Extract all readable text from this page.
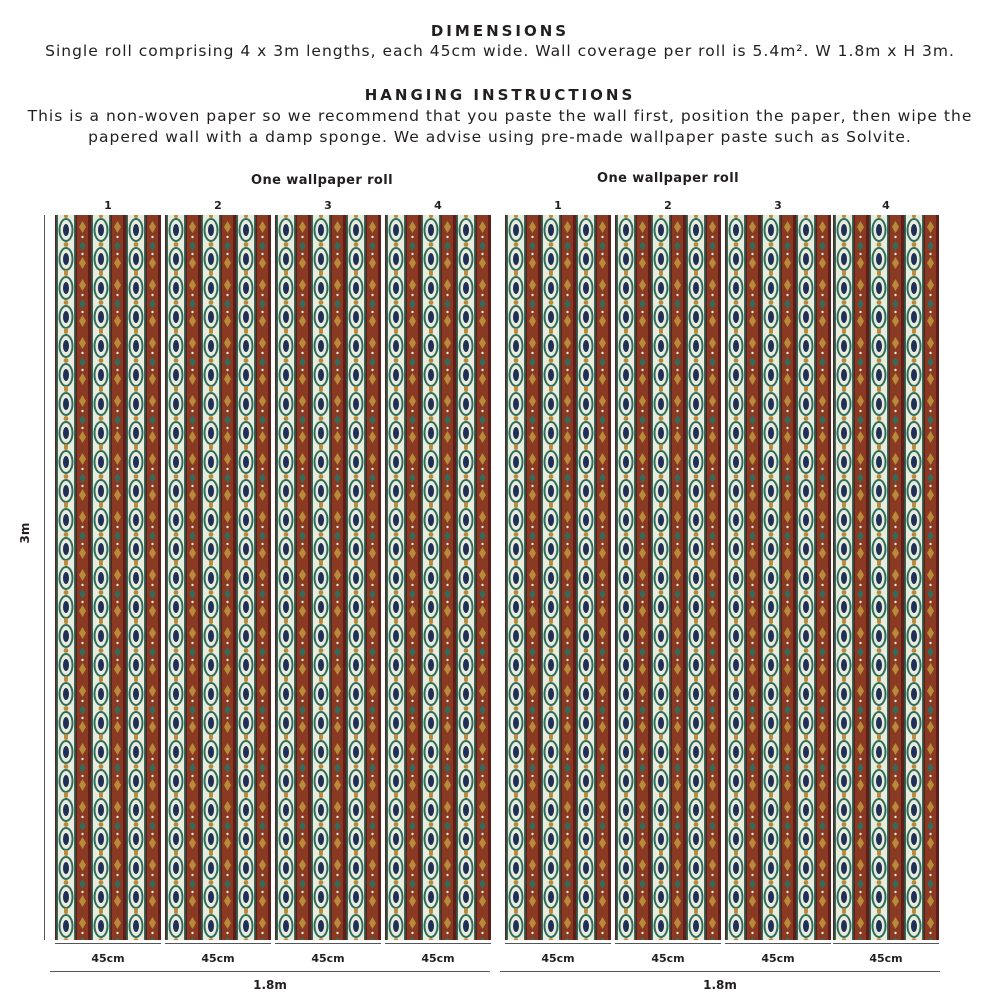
DIMENSIONS
Single roll comprising 4 x 3m lengths, each 45cm wide. Wall coverage per roll is 5.4m². W 1.8m x H 3m.
HANGING INSTRUCTIONS
This is a non-woven paper so we recommend that you paste the wall first, position the paper, then wipe the
papered wall with a damp sponge. We advise using pre-made wallpaper paste such as Solvite.
One wallpaper roll
1	2	3	4
One wallpaper roll
1	2	3	4
3m
45cm	45cm	45cm	45cm	45cm	45cm	45cm	45cm
1.8m	1.8m
